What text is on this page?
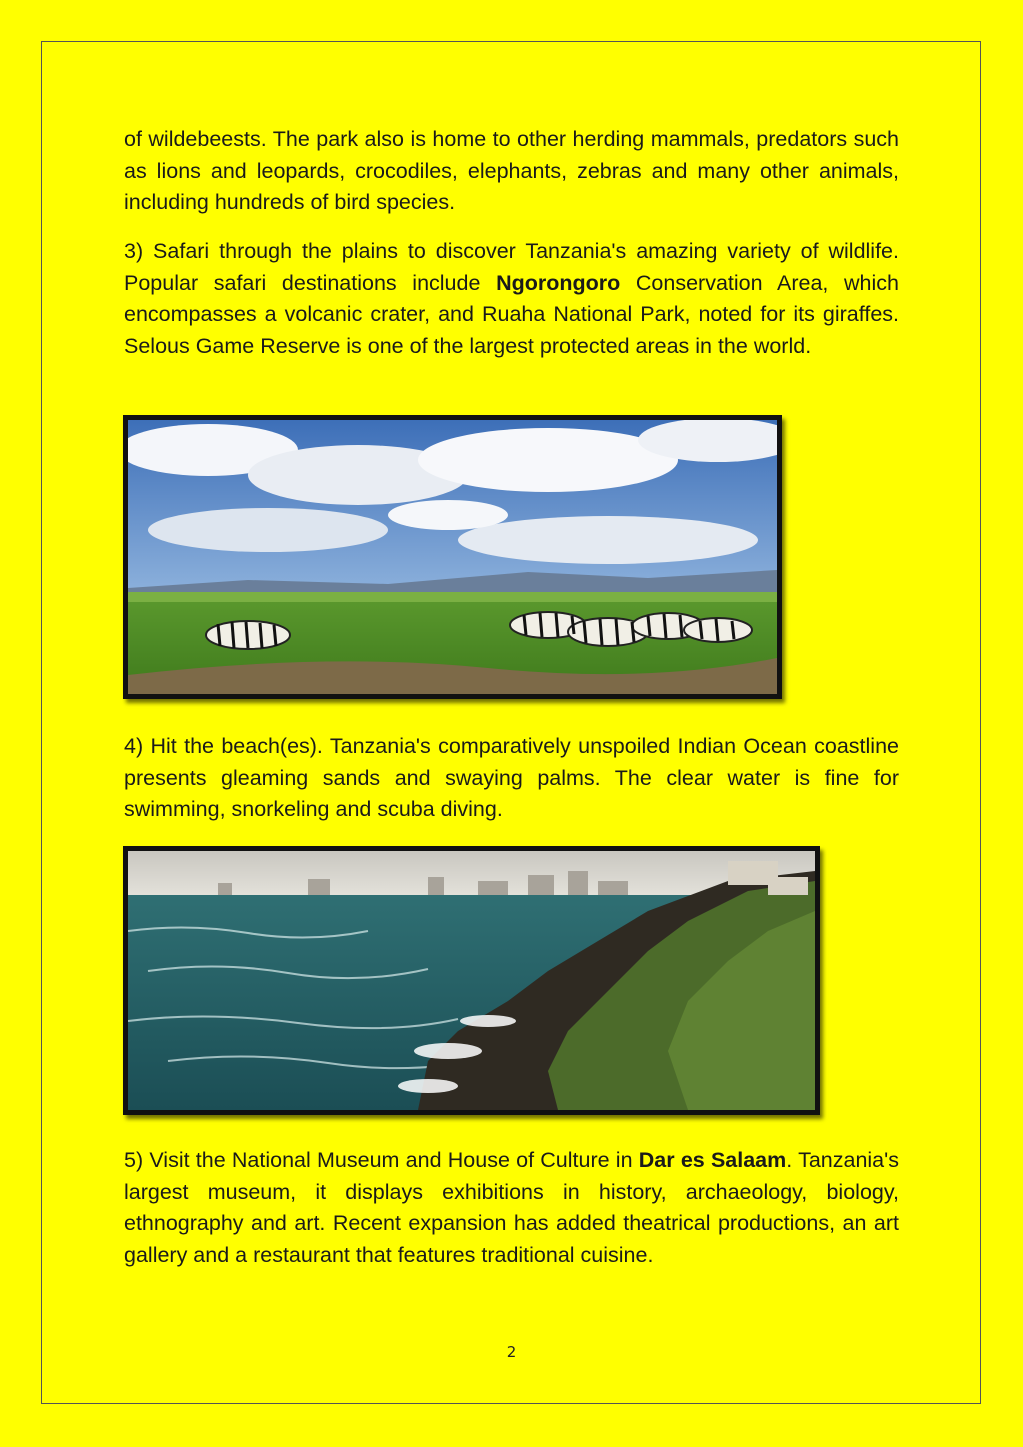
of wildebeests. The park also is home to other herding mammals, predators such as lions and leopards, crocodiles, elephants, zebras and many other animals, including hundreds of bird species.

3) Safari through the plains to discover Tanzania's amazing variety of wildlife. Popular safari destinations include Ngorongoro Conservation Area, which encompasses a volcanic crater, and Ruaha National Park, noted for its giraffes. Selous Game Reserve is one of the largest protected areas in the world.

4) Hit the beach(es). Tanzania's comparatively unspoiled Indian Ocean coastline presents gleaming sands and swaying palms. The clear water is fine for swimming, snorkeling and scuba diving.

5) Visit the National Museum and House of Culture in Dar es Salaam. Tanzania's largest museum, it displays exhibitions in history, archaeology, biology, ethnography and art. Recent expansion has added theatrical productions, an art gallery and a restaurant that features traditional cuisine.

2
